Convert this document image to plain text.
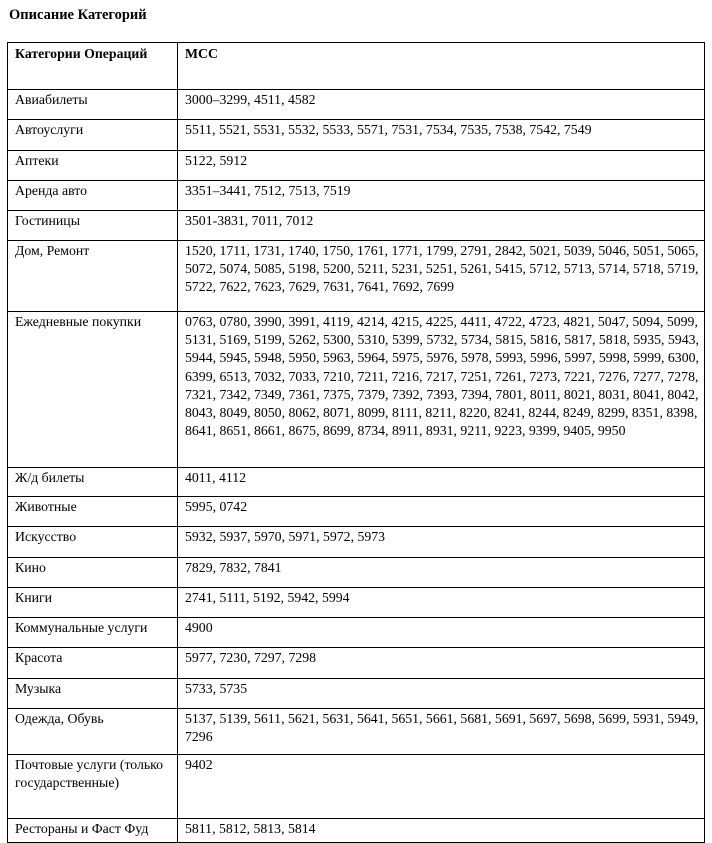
Описание Категорий
Категории Операций	МСС

Авиабилеты	3000–3299, 4511, 4582

Автоуслуги	5511, 5521, 5531, 5532, 5533, 5571, 7531, 7534, 7535, 7538, 7542, 7549

Аптеки	5122, 5912

Аренда авто	3351–3441, 7512, 7513, 7519

Гостиницы	3501-3831, 7011, 7012

Дом, Ремонт	1520, 1711, 1731, 1740, 1750, 1761, 1771, 1799, 2791, 2842, 5021, 5039, 5046, 5051, 5065, 5072, 5074, 5085, 5198, 5200, 5211, 5231, 5251, 5261, 5415, 5712, 5713, 5714, 5718, 5719, 5722, 7622, 7623, 7629, 7631, 7641, 7692, 7699

Ежедневные покупки	0763, 0780, 3990, 3991, 4119, 4214, 4215, 4225, 4411, 4722, 4723, 4821, 5047, 5094, 5099, 5131, 5169, 5199, 5262, 5300, 5310, 5399, 5732, 5734, 5815, 5816, 5817, 5818, 5935, 5943, 5944, 5945, 5948, 5950, 5963, 5964, 5975, 5976, 5978, 5993, 5996, 5997, 5998, 5999, 6300, 6399, 6513, 7032, 7033, 7210, 7211, 7216, 7217, 7251, 7261, 7273, 7221, 7276, 7277, 7278, 7321, 7342, 7349, 7361, 7375, 7379, 7392, 7393, 7394, 7801, 8011, 8021, 8031, 8041, 8042, 8043, 8049, 8050, 8062, 8071, 8099, 8111, 8211, 8220, 8241, 8244, 8249, 8299, 8351, 8398, 8641, 8651, 8661, 8675, 8699, 8734, 8911, 8931, 9211, 9223, 9399, 9405, 9950

Ж/д билеты	4011, 4112

Животные	5995, 0742

Искусство	5932, 5937, 5970, 5971, 5972, 5973

Кино	7829, 7832, 7841

Книги	2741, 5111, 5192, 5942, 5994

Коммунальные услуги	4900

Красота	5977, 7230, 7297, 7298

Музыка	5733, 5735

Одежда, Обувь	5137, 5139, 5611, 5621, 5631, 5641, 5651, 5661, 5681, 5691, 5697, 5698, 5699, 5931, 5949, 7296

Почтовые услуги (только государственные)	9402

Рестораны и Фаст Фуд	5811, 5812, 5813, 5814
